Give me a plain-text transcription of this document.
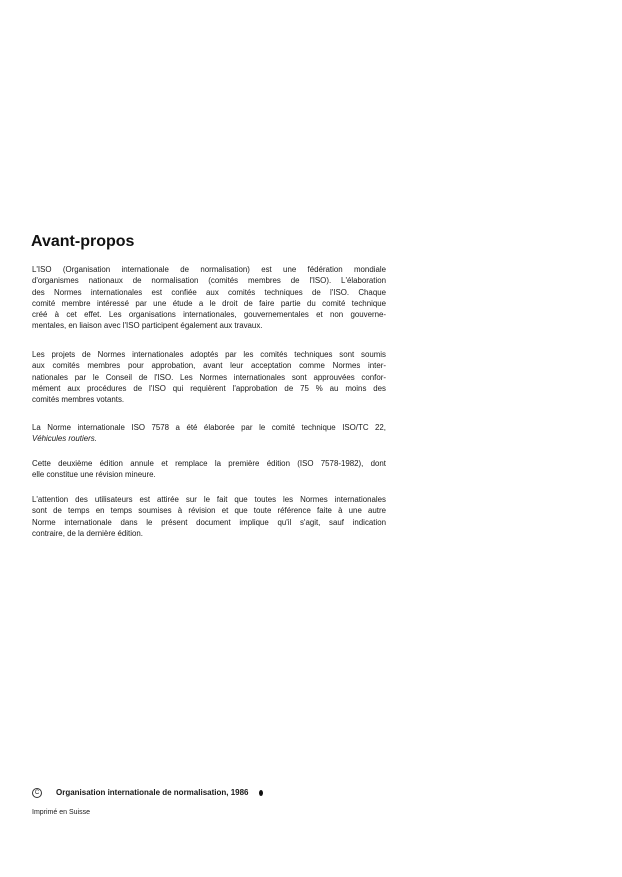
Avant-propos

L'ISO (Organisation internationale de normalisation) est une fédération mondiale
d'organismes nationaux de normalisation (comités membres de l'ISO). L'élaboration
des Normes internationales est confiée aux comités techniques de l'ISO. Chaque
comité membre intéressé par une étude a le droit de faire partie du comité technique
créé à cet effet. Les organisations internationales, gouvernementales et non gouverne-
mentales, en liaison avec l'ISO participent également aux travaux.

Les projets de Normes internationales adoptés par les comités techniques sont soumis
aux comités membres pour approbation, avant leur acceptation comme Normes inter-
nationales par le Conseil de l'ISO. Les Normes internationales sont approuvées confor-
mément aux procédures de l'ISO qui requièrent l'approbation de 75 % au moins des
comités membres votants.

La Norme internationale ISO 7578 a été élaborée par le comité technique ISO/TC 22,
Véhicules routiers.

Cette deuxième édition annule et remplace la première édition (ISO 7578-1982), dont
elle constitue une révision mineure.

L'attention des utilisateurs est attirée sur le fait que toutes les Normes internationales
sont de temps en temps soumises à révision et que toute référence faite à une autre
Norme internationale dans le présent document implique qu'il s'agit, sauf indication
contraire, de la dernière édition.

C Organisation internationale de normalisation, 1986
Imprimé en Suisse
